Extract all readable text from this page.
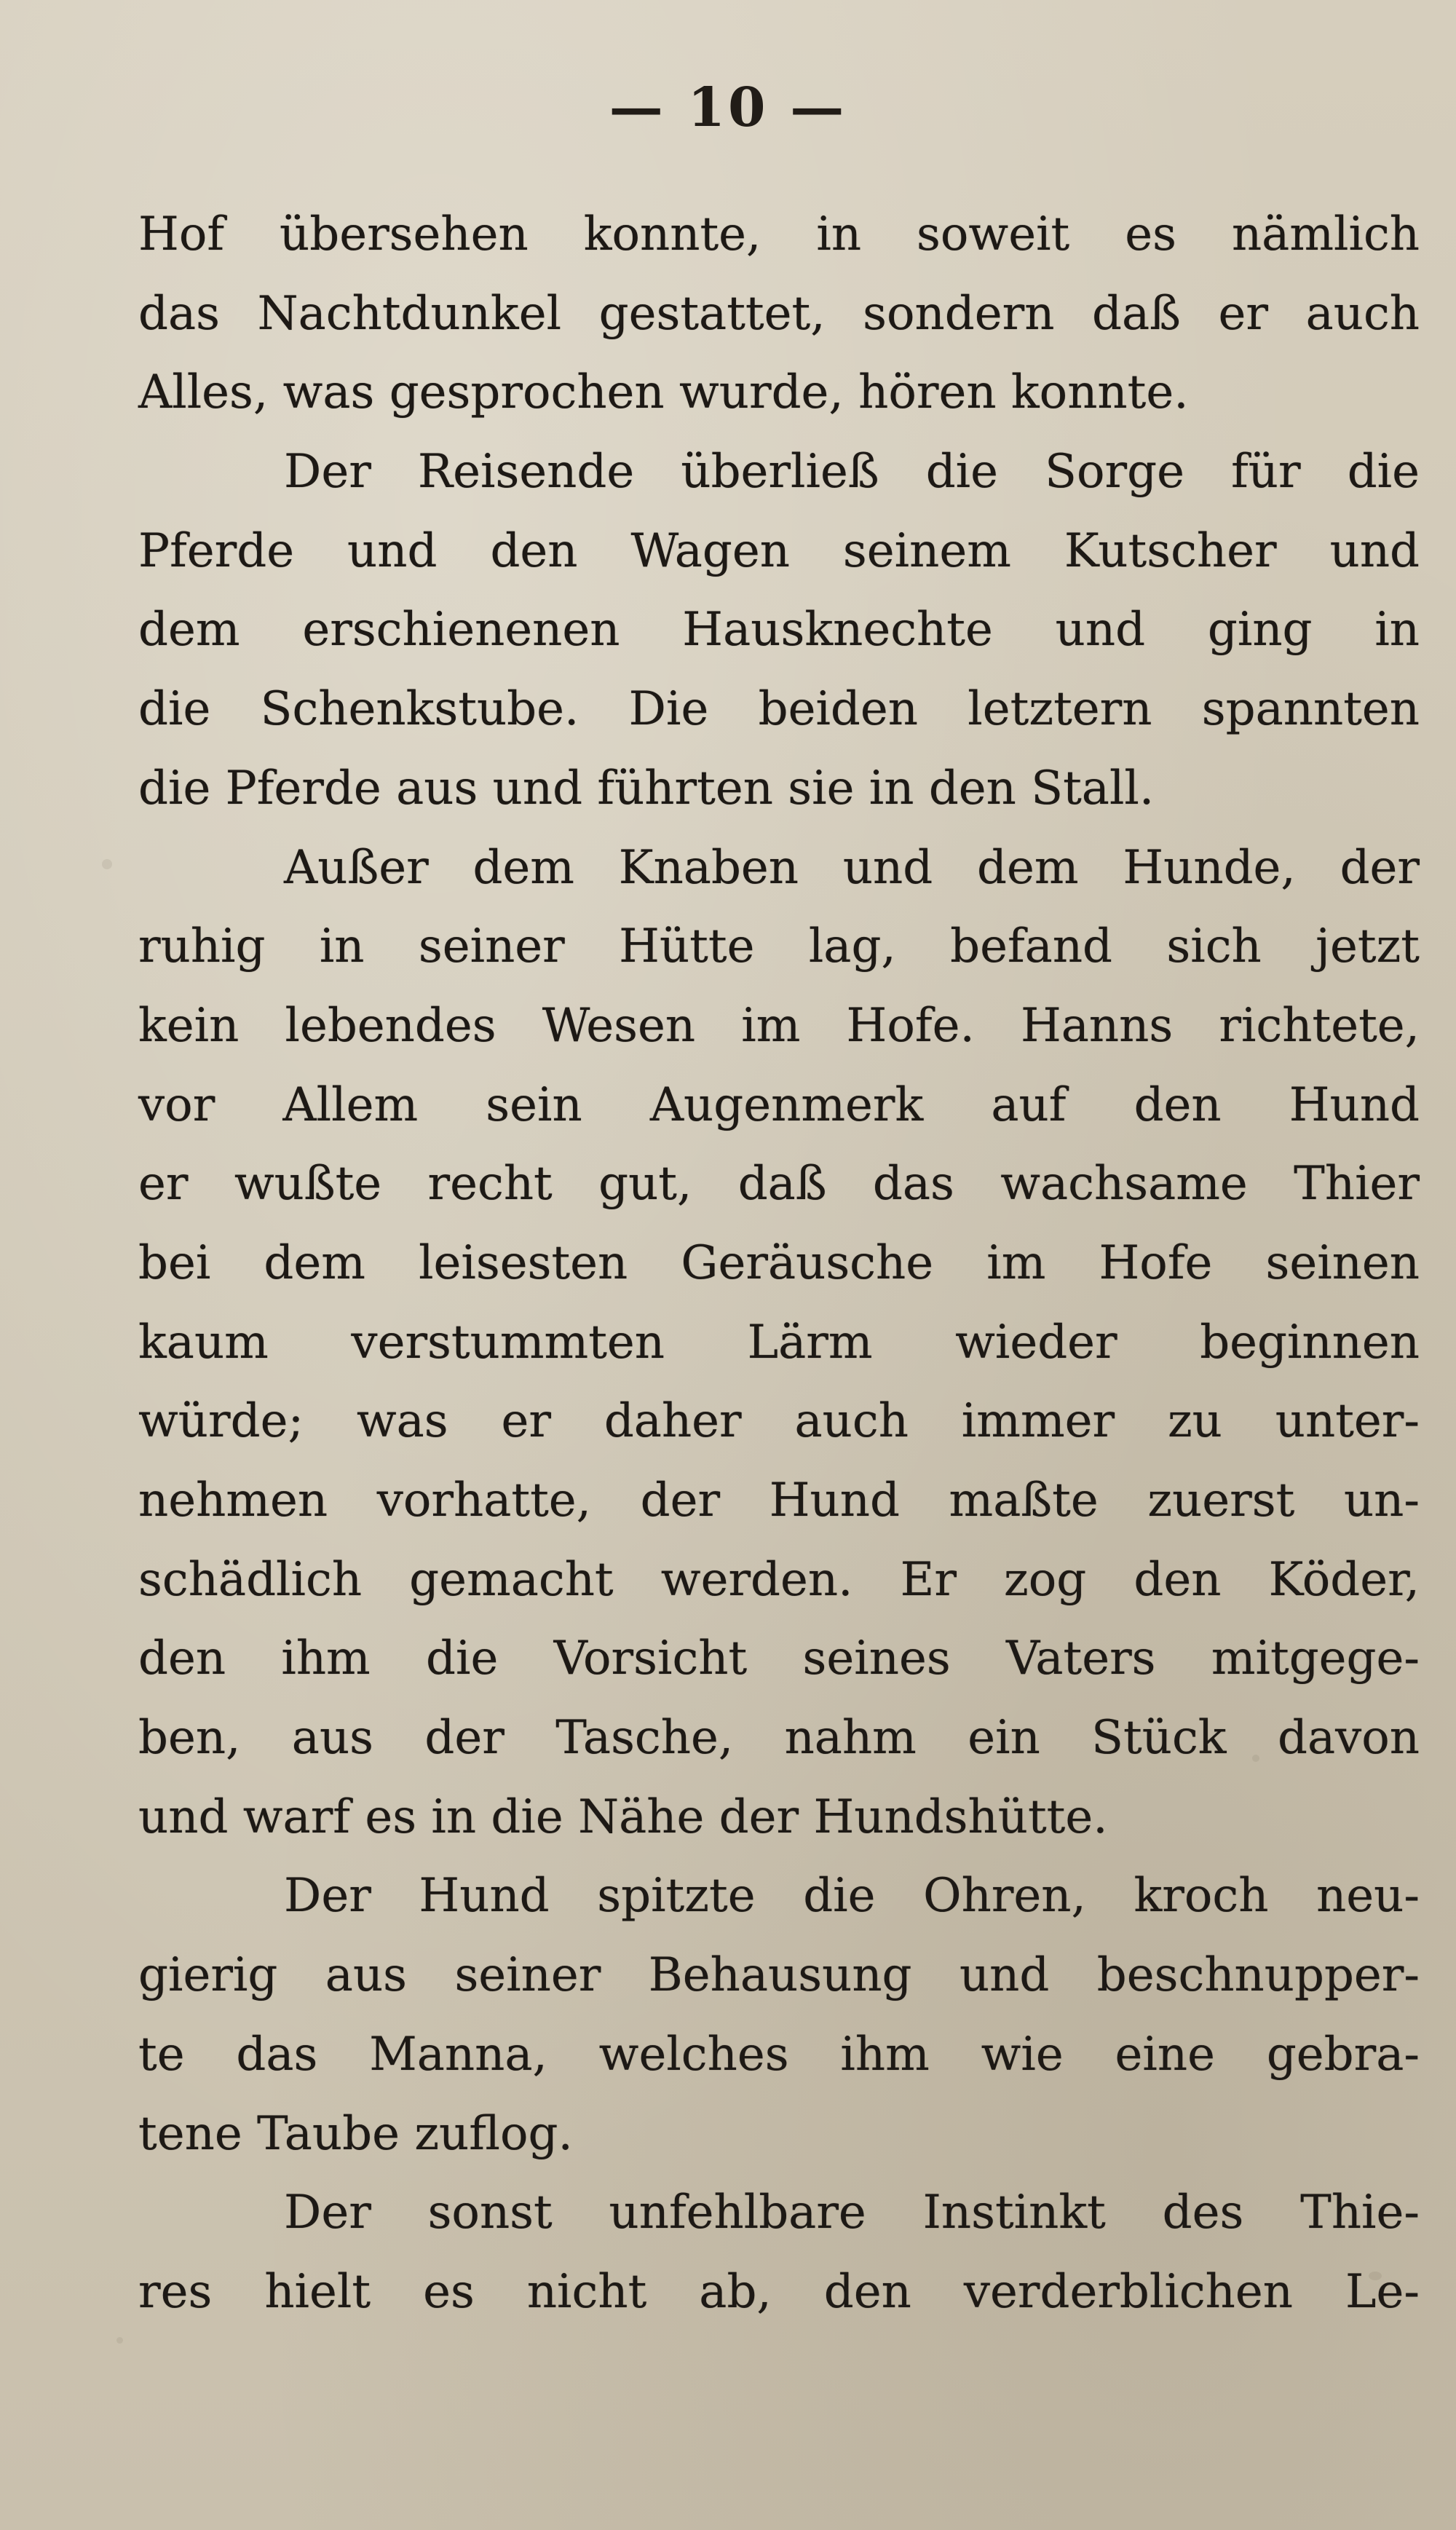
— 10 —
Hof übersehen konnte, in soweit es nämlich
das Nachtdunkel gestattet, sondern daß er auch
Alles, was gesprochen wurde, hören konnte.
Der Reisende überließ die Sorge für die
Pferde und den Wagen seinem Kutscher und
dem erschienenen Hausknechte und ging in
die Schenkstube. Die beiden letztern spannten
die Pferde aus und führten sie in den Stall.
Außer dem Knaben und dem Hunde, der
ruhig in seiner Hütte lag, befand sich jetzt
kein lebendes Wesen im Hofe. Hanns richtete,
vor Allem sein Augenmerk auf den Hund
er wußte recht gut, daß das wachsame Thier
bei dem leisesten Geräusche im Hofe seinen
kaum verstummten Lärm wieder beginnen
würde; was er daher auch immer zu unter-
nehmen vorhatte, der Hund maßte zuerst un-
schädlich gemacht werden. Er zog den Köder,
den ihm die Vorsicht seines Vaters mitgege-
ben, aus der Tasche, nahm ein Stück davon
und warf es in die Nähe der Hundshütte.
Der Hund spitzte die Ohren, kroch neu-
gierig aus seiner Behausung und beschnupper-
te das Manna, welches ihm wie eine gebra-
tene Taube zuflog.
Der sonst unfehlbare Instinkt des Thie-
res hielt es nicht ab, den verderblichen Le-
